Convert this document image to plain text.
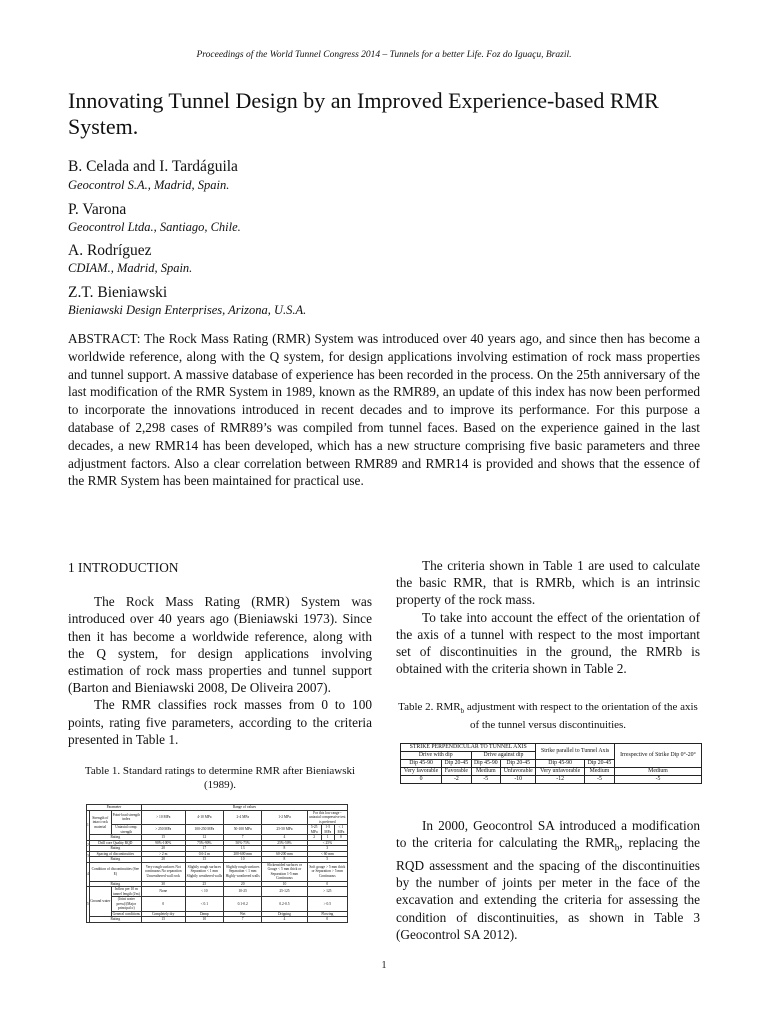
Proceedings of the World Tunnel Congress 2014 – Tunnels for a better Life. Foz do Iguaçu, Brazil.
Innovating Tunnel Design by an Improved Experience-based RMR System.
B. Celada and I. Tardáguila
Geocontrol S.A., Madrid, Spain.
P. Varona
Geocontrol Ltda., Santiago, Chile.
A. Rodríguez
CDIAM., Madrid, Spain.
Z.T. Bieniawski
Bieniawski Design Enterprises, Arizona, U.S.A.
ABSTRACT: The Rock Mass Rating (RMR) System was introduced over 40 years ago, and since then has become a worldwide reference, along with the Q system, for design applications involving estimation of rock mass properties and tunnel support. A massive database of experience has been recorded in the process. On the 25th anniversary of the last modification of the RMR System in 1989, known as the RMR89, an update of this index has now been performed to incorporate the innovations introduced in recent decades and to improve its performance. For this purpose a database of 2,298 cases of RMR89’s was compiled from tunnel faces. Based on the experience gained in the last decades, a new RMR14 has been developed, which has a new structure comprising five basic parameters and three adjustment factors. Also a clear correlation between RMR89 and RMR14 is provided and shows that the essence of the RMR System has been maintained for practical use.

1 INTRODUCTION

The Rock Mass Rating (RMR) System was introduced over 40 years ago (Bieniawski 1973). Since then it has become a worldwide reference, along with the Q system, for design applications involving estimation of rock mass properties and tunnel support (Barton and Bieniawski 2008, De Oliveira 2007).

The RMR classifies rock masses from 0 to 100 points, rating five parameters, according to the criteria presented in Table 1.

Table 1. Standard ratings to determine RMR after Bieniawski (1989).
Parameter			Range of values						
1	Strength of intact rock material	Point-load strength index	> 10 MPa	4-10 MPa	2-4 MPa	1-2 MPa	For this low range - uniaxial compressive test is preferred		
		Uniaxial comp. strength	> 250 MPa	100-250 MPa	50-100 MPa	25-50 MPa	5-25 MPa	1-5 MPa	< 1 MPa
	Rating		15	12	7	4	2	1	0
2	Drill core Quality RQD		90%-100%	75%-90%	50%-75%	25%-50%	< 25%		
	Rating		20	17	13	8	3		
3	Spacing of discontinuities		> 2 m	0.6-2 m	200-600 mm	60-200 mm	< 60 mm		
	Rating		20	15	10	8	5		
4	Condition of discontinuities (See E)		Very rough surfaces Not continuous No separation Unweathered wall rock	Slightly rough surfaces Separation < 1 mm Slightly weathered walls	Slightly rough surfaces Separation < 1 mm Highly weathered walls	Slickensided surfaces or Gouge < 5 mm thick or Separation 1-5 mm Continuous	Soft gouge > 5 mm thick or Separation > 5 mm Continuous		
	Rating		30	25	20	10	0		
5	Ground water	Inflow per 10 m tunnel length (l/m)	None	< 10	10-25	25-125	> 125		
		(Joint water press)/(Major principal σ)	0	< 0.1	0.1-0.2	0.2-0.5	> 0.5		
		General conditions	Completely dry	Damp	Wet	Dripping	Flowing		
	Rating		15	10	7	4	0		

The criteria shown in Table 1 are used to calculate the basic RMR, that is RMRb, which is an intrinsic property of the rock mass.

To take into account the effect of the orientation of the axis of a tunnel with respect to the most important set of discontinuities in the ground, the RMRb is obtained with the criteria shown in Table 2.

Table 2. $RMR_b$ adjustment with respect to the orientation of the axis of the tunnel versus discontinuities.
STRIKE PERPENDICULAR TO TUNNEL AXIS				Strike parallel to Tunnel Axis		Irrespective of Strike Dip 0°-20°
Drive with dip		Drive against dip				
Dip 45-90	Dip 20-45	Dip 45-90	Dip 20-45	Dip 45-90	Dip 20-45	
Very favorable	Favorable	Medium	Unfavorable	Very unfavorable	Medium	Medium
0	-2	-5	-10	-12	-5	-5

In 2000, Geocontrol SA introduced a modification to the criteria for calculating the $RMR_b$, replacing the RQD assessment and the spacing of the discontinuities by the number of joints per meter in the face of the excavation and extending the criteria for assessing the condition of discontinuities, as shown in Table 3 (Geocontrol SA 2012).

1
